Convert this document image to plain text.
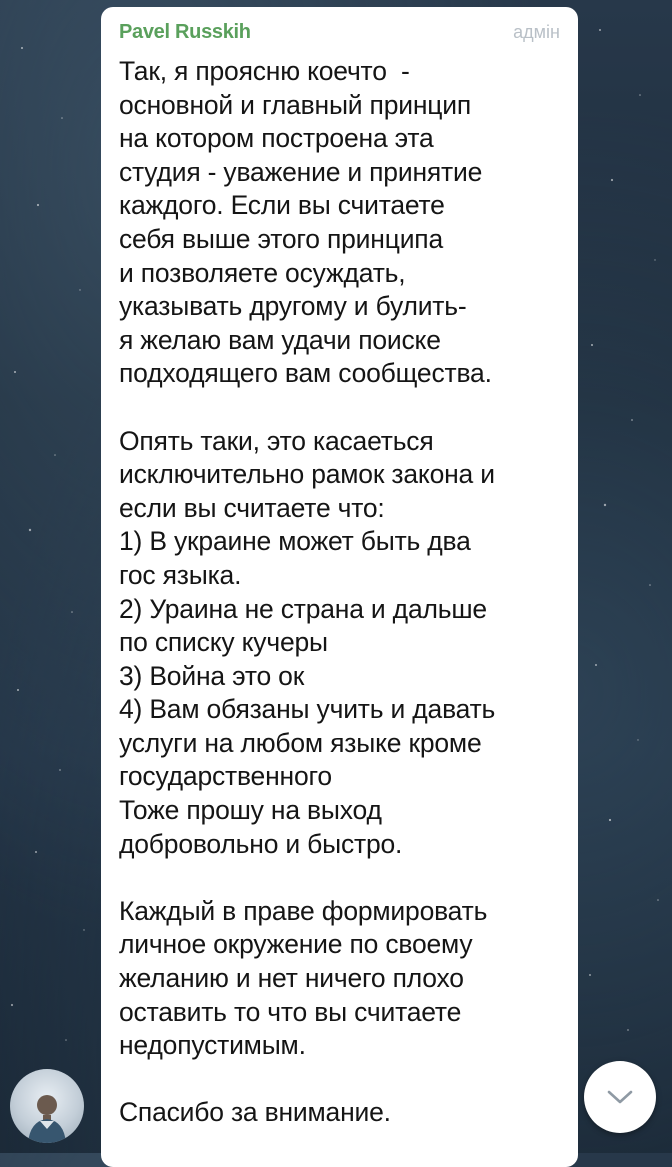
Pavel Russkih	адмін
Так, я проясню коечто  -
основной и главный принцип
на котором построена эта
студия - уважение и принятие
каждого. Если вы считаете
себя выше этого принципа
и позволяете осуждать,
указывать другому и булить-
я желаю вам удачи поиске
подходящего вам сообщества.

Опять таки, это касаеться
исключительно рамок закона и
если вы считаете что:
1) В украине может быть два
гос языка.
2) Ураина не страна и дальше
по списку кучеры
3) Война это ок
4) Вам обязаны учить и давать
услуги на любом языке кроме
государственного
Тоже прошу на выход
добровольно и быстро.

Каждый в праве формировать
личное окружение по своему
желанию и нет ничего плохо
оставить то что вы считаете
недопустимым.

Спасибо за внимание.
